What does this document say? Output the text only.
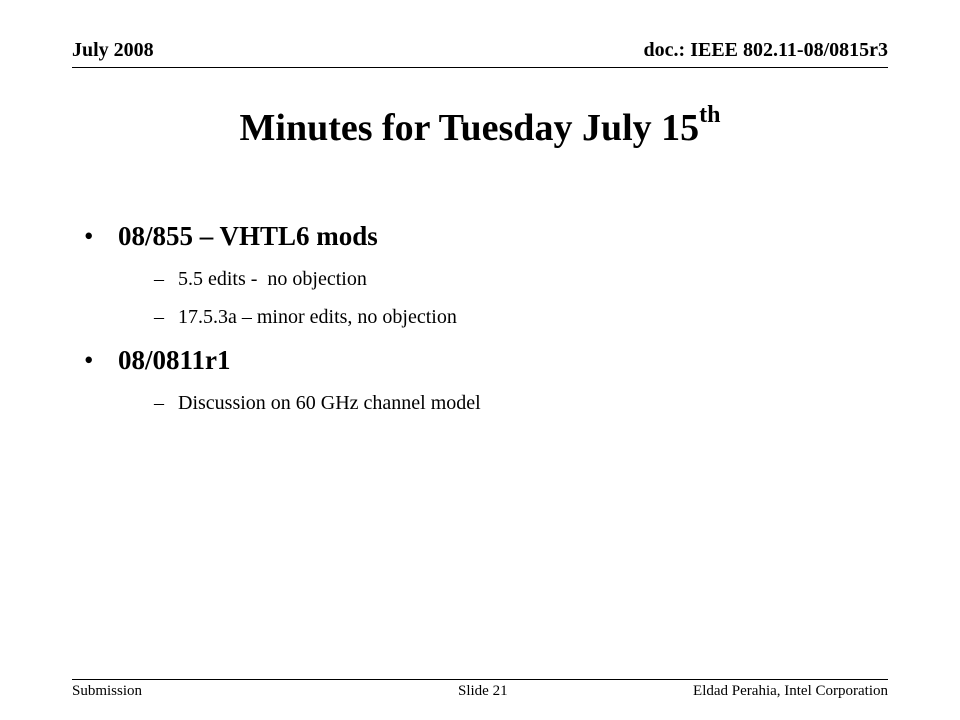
July 2008	doc.: IEEE 802.11-08/0815r3
Minutes for Tuesday July 15th
• 08/855 – VHTL6 mods
– 5.5 edits -  no objection
– 17.5.3a – minor edits, no objection
• 08/0811r1
– Discussion on 60 GHz channel model
Submission	Slide 21	Eldad Perahia, Intel Corporation
